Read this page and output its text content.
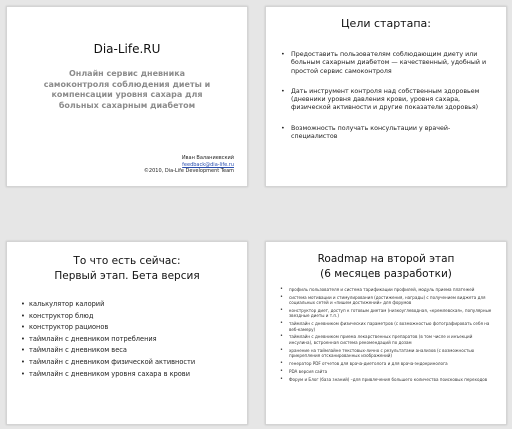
Dia-Life.RU
Онлайн сервис дневника
самоконтроля соблюдения диеты и
компенсации уровня сахара для
больных сахарным диабетом
Иван Валаниевский
feedback@dia-life.ru
©2010, Dia-Life Development Team
Цели стартапа:
• Предоставить пользователям соблюдающим диету или больным сахарным диабетом — качественный, удобный и простой сервис самоконтроля
• Дать инструмент контроля над собственным здоровьем (дневники уровня давления крови, уровня сахара, физической активности и другие показатели здоровья)
• Возможность получать консультации у врачей-специалистов
То что есть сейчас:
Первый этап. Бета версия
• калькулятор калорий
• конструктор блюд
• конструктор рационов
• таймлайн с дневником потребления
• таймлайн с дневником веса
• таймлайн с дневником физической активности
• таймлайн с дневником уровня сахара в крови
Roadmap на второй этап
(6 месяцев разработки)
• профиль пользователя и система тарификации профилей, модуль приема платежей
• система мотивации и стимулирования (достижения, награды) с получением виджета для социальных сетей и «пишем достижений» для форумов
• конструктор диет, доступ к готовым диетам (низкоуглеводная, «кремлевская», популярные звездные диеты и т.п.)
• таймлайн с дневником физических параметров (с возможностью фотографировать себя на веб-камеру)
• таймлайн с дневником приема лекарственных препаратов (в том числе и инъекций инсулина), встроенная система рекомендаций по дозам
• хранение на таймлайне текстовых-лично с результатами анализов (с возможностью прикрепления отсканированных изображений)
• генератор PDF отчетов для врача-диетолога и для врача-эндокринолога
• PDA версия сайта
• Форум и Блог (база знаний) –для привлечения большего количества поисковых переходов
